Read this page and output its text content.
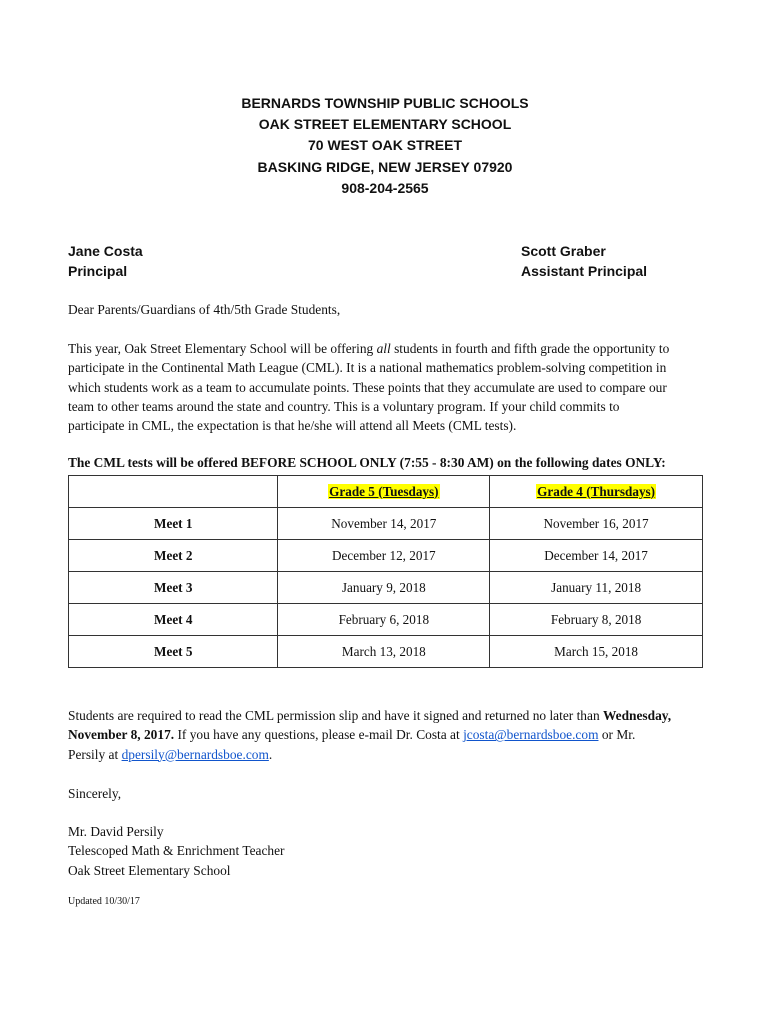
BERNARDS TOWNSHIP PUBLIC SCHOOLS
OAK STREET ELEMENTARY SCHOOL
70 WEST OAK STREET
BASKING RIDGE, NEW JERSEY 07920
908-204-2565
Jane Costa
Principal
Scott Graber
Assistant Principal
Dear Parents/Guardians of 4th/5th Grade Students,
This year, Oak Street Elementary School will be offering all students in fourth and fifth grade the opportunity to
participate in the Continental Math League (CML). It is a national mathematics problem-solving competition in
which students work as a team to accumulate points. These points that they accumulate are used to compare our
team to other teams around the state and country. This is a voluntary program. If your child commits to
participate in CML, the expectation is that he/she will attend all Meets (CML tests).
The CML tests will be offered BEFORE SCHOOL ONLY (7:55 - 8:30 AM) on the following dates ONLY:
	Grade 5 (Tuesdays)	Grade 4 (Thursdays)
Meet 1	November 14, 2017	November 16, 2017
Meet 2	December 12, 2017	December 14, 2017
Meet 3	January 9, 2018	January 11, 2018
Meet 4	February 6, 2018	February 8, 2018
Meet 5	March 13, 2018	March 15, 2018
Students are required to read the CML permission slip and have it signed and returned no later than Wednesday,
November 8, 2017. If you have any questions, please e-mail Dr. Costa at jcosta@bernardsboe.com or Mr.
Persily at dpersily@bernardsboe.com.
Sincerely,
Mr. David Persily
Telescoped Math & Enrichment Teacher
Oak Street Elementary School
Updated 10/30/17
